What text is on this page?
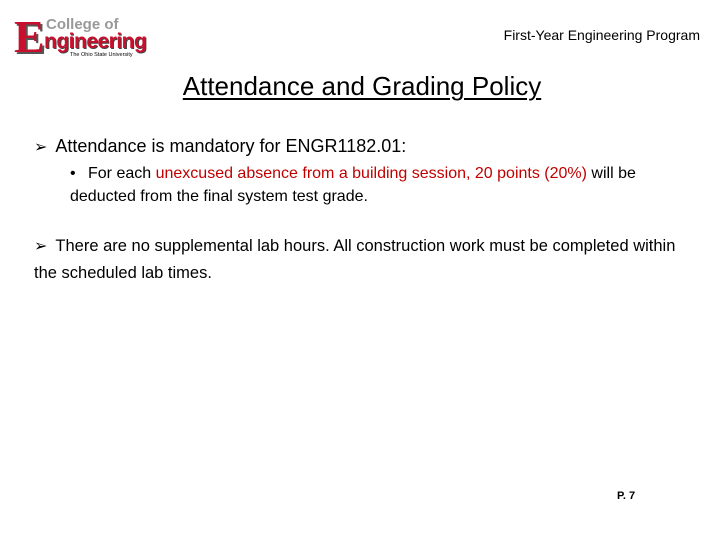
E College of
ngineering
The Ohio State University
First-Year Engineering Program
Attendance and Grading Policy
➢ Attendance is mandatory for ENGR1182.01:
• For each unexcused absence from a building session, 20 points (20%) will be deducted from the final system test grade.
➢ There are no supplemental lab hours. All construction work must be completed within the scheduled lab times.
P. 7
